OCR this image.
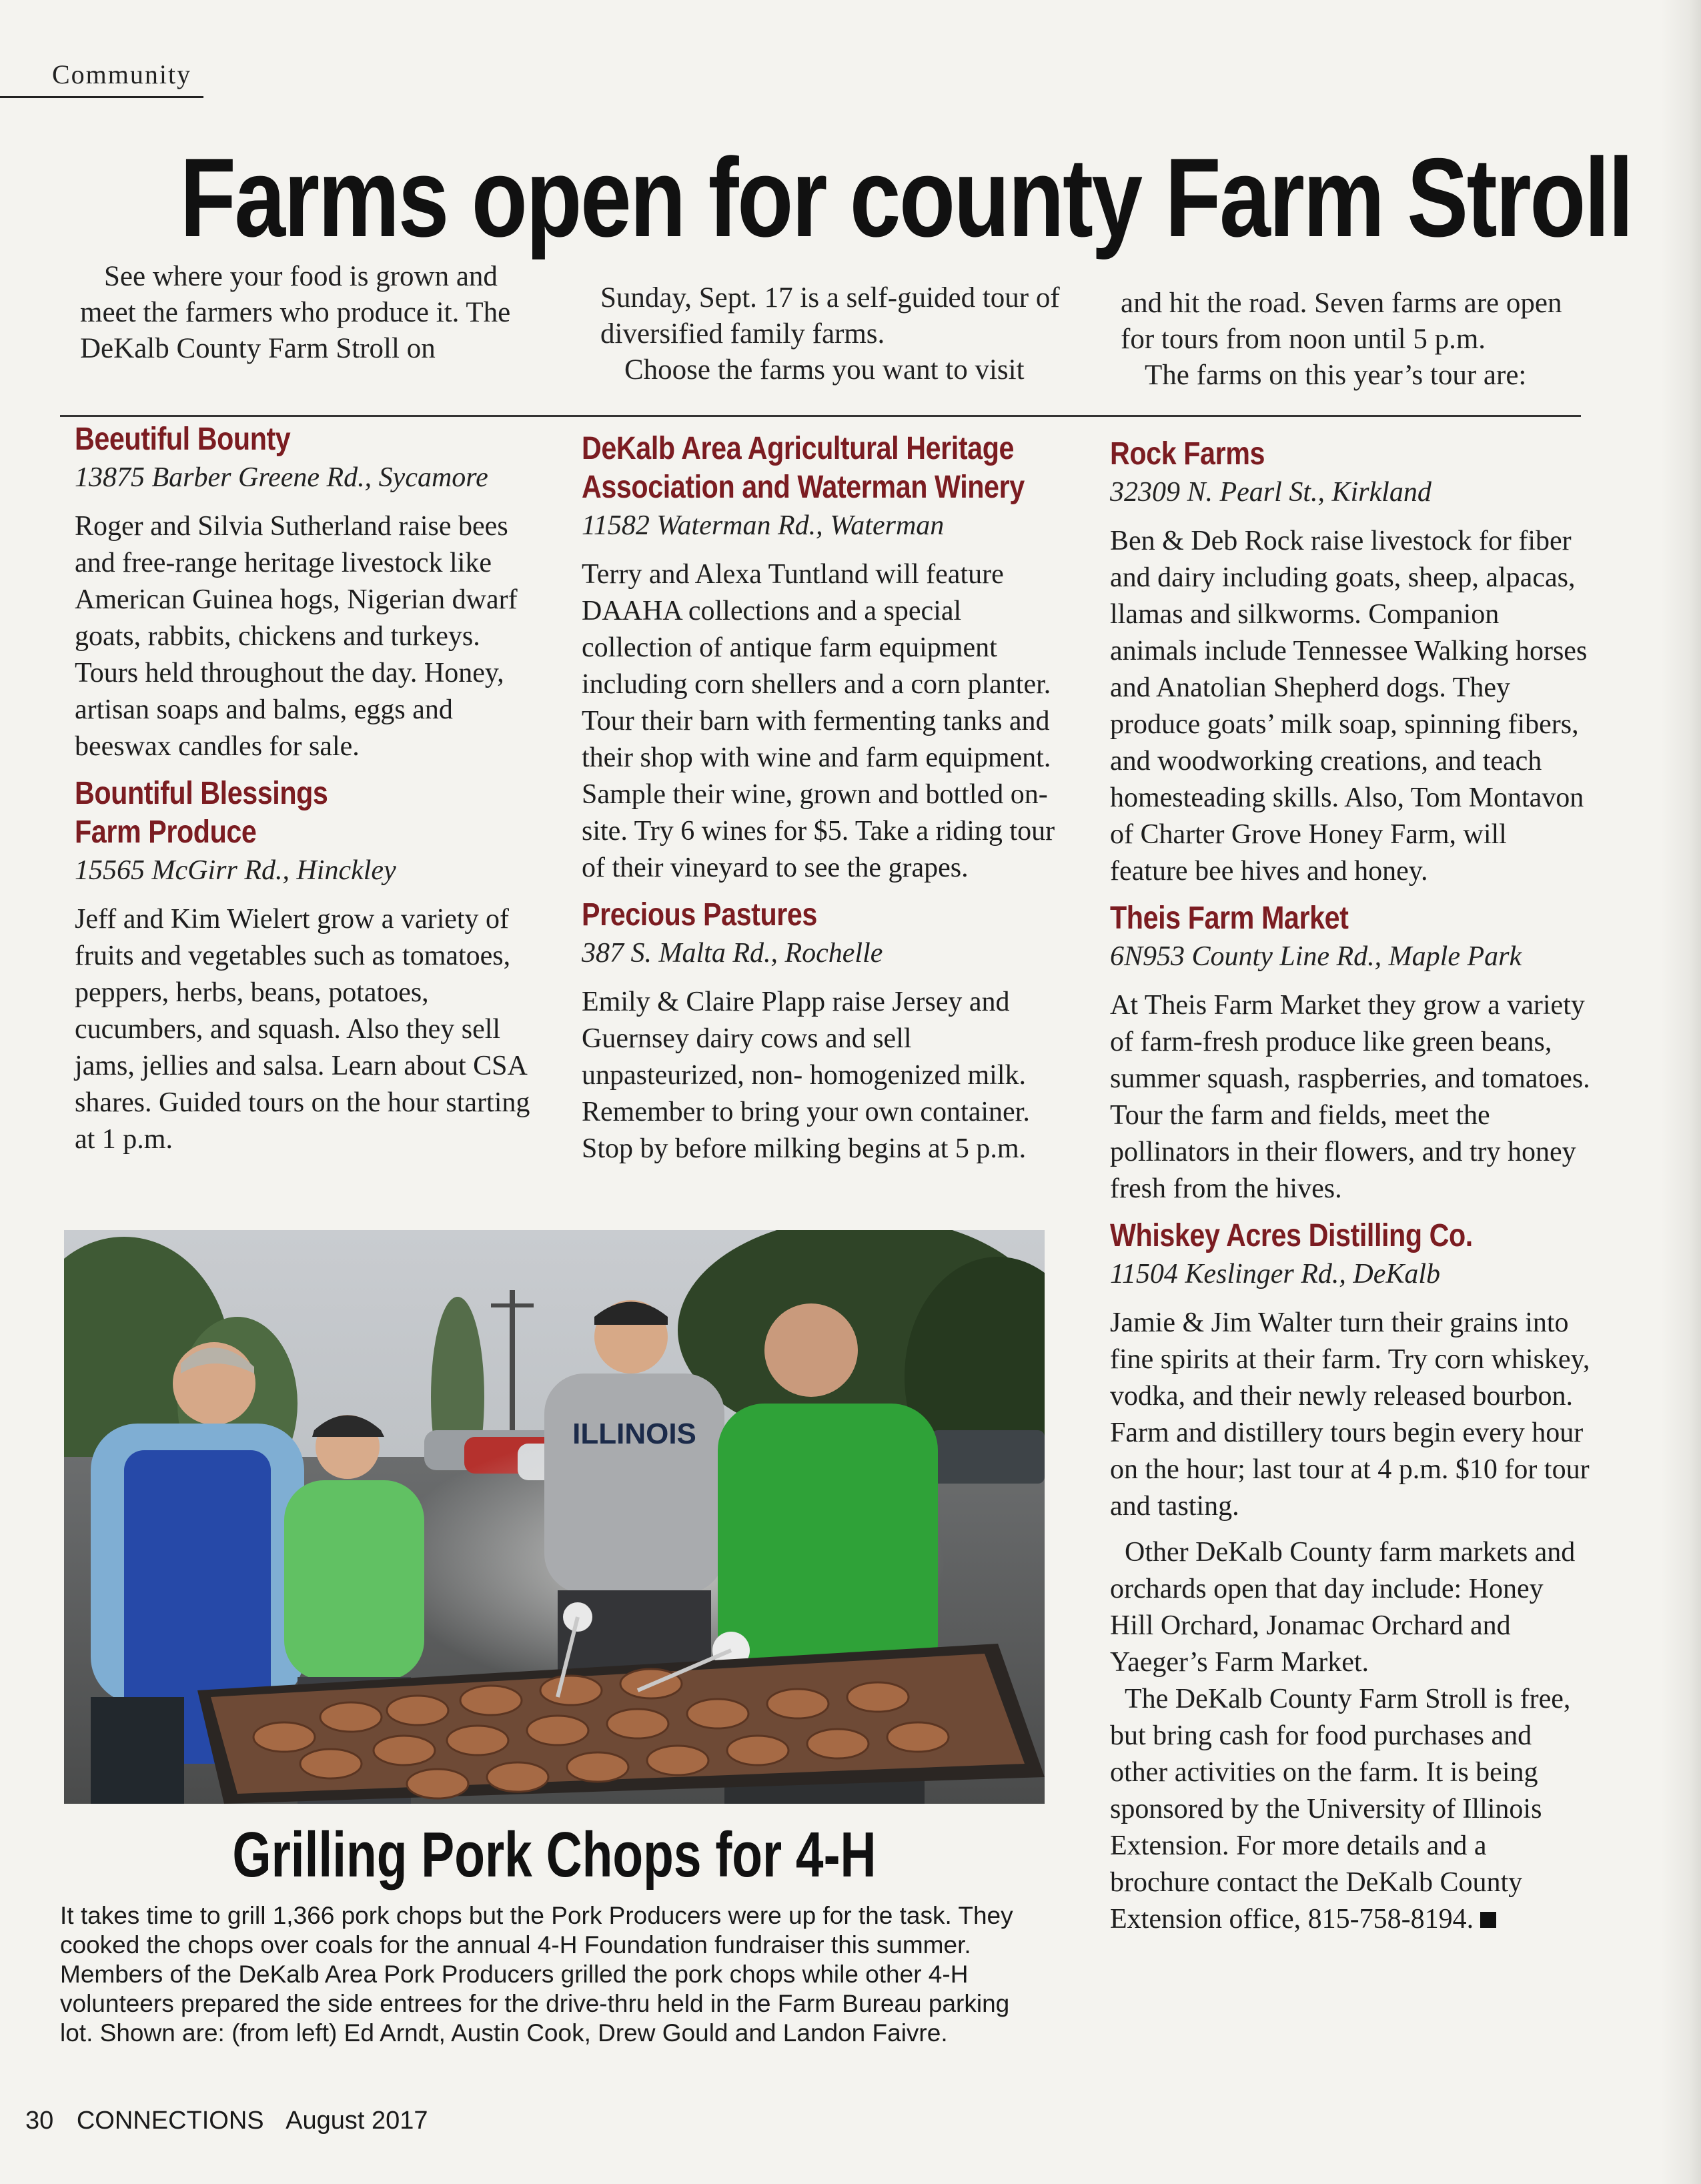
Community
Farms open for county Farm Stroll

See where your food is grown and meet the farmers who produce it. The DeKalb County Farm Stroll on

Sunday, Sept. 17 is a self-guided tour of diversified family farms.

Choose the farms you want to visit

and hit the road. Seven farms are open for tours from noon until 5 p.m.

The farms on this year’s tour are:

Beeutiful Bounty
13875 Barber Greene Rd., Sycamore
Roger and Silvia Sutherland raise bees and free-range heritage livestock like American Guinea hogs, Nigerian dwarf goats, rabbits, chickens and turkeys. Tours held throughout the day. Honey, artisan soaps and balms, eggs and beeswax candles for sale.
Bountiful Blessings
Farm Produce
15565 McGirr Rd., Hinckley
Jeff and Kim Wielert grow a variety of fruits and vegetables such as tomatoes, peppers, herbs, beans, potatoes, cucumbers, and squash. Also they sell jams, jellies and salsa. Learn about CSA shares. Guided tours on the hour starting at 1 p.m.
DeKalb Area Agricultural Heritage
Association and Waterman Winery
11582 Waterman Rd., Waterman
Terry and Alexa Tuntland will feature DAAHA collections and a special collection of antique farm equipment including corn shellers and a corn planter. Tour their barn with fermenting tanks and their shop with wine and farm equipment. Sample their wine, grown and bottled on-site. Try 6 wines for $5. Take a riding tour of their vineyard to see the grapes.
Precious Pastures
387 S. Malta Rd., Rochelle
Emily & Claire Plapp raise Jersey and Guernsey dairy cows and sell unpasteurized, non- homogenized milk. Remember to bring your own container. Stop by before milking begins at 5 p.m.
Rock Farms
32309 N. Pearl St., Kirkland
Ben & Deb Rock raise livestock for fiber and dairy including goats, sheep, alpacas, llamas and silkworms. Companion animals include Tennessee Walking horses and Anatolian Shepherd dogs. They produce goats’ milk soap, spinning fibers, and woodworking creations, and teach homesteading skills. Also, Tom Montavon of Charter Grove Honey Farm, will feature bee hives and honey.
Theis Farm Market
6N953 County Line Rd., Maple Park
At Theis Farm Market they grow a variety of farm-fresh produce like green beans, summer squash, raspberries, and tomatoes. Tour the farm and fields, meet the pollinators in their flowers, and try honey fresh from the hives.
Whiskey Acres Distilling Co.
11504 Keslinger Rd., DeKalb
Jamie & Jim Walter turn their grains into fine spirits at their farm. Try corn whiskey, vodka, and their newly released bourbon. Farm and distillery tours begin every hour on the hour; last tour at 4 p.m. $10 for tour and tasting.

Other DeKalb County farm markets and orchards open that day include: Honey Hill Orchard, Jonamac Orchard and Yaeger’s Farm Market.

The DeKalb County Farm Stroll is free, but bring cash for food purchases and other activities on the farm. It is being sponsored by the University of Illinois Extension. For more details and a brochure contact the DeKalb County Extension office, 815-758-8194.

ILLINOIS
Grilling Pork Chops for 4-H

It takes time to grill 1,366 pork chops but the Pork Producers were up for the task. They cooked the chops over coals for the annual 4-H Foundation fundraiser this summer. Members of the DeKalb Area Pork Producers grilled the pork chops while other 4-H volunteers prepared the side entrees for the drive-thru held in the Farm Bureau parking lot. Shown are: (from left) Ed Arndt, Austin Cook, Drew Gould and Landon Faivre.

30 CONNECTIONS August 2017
